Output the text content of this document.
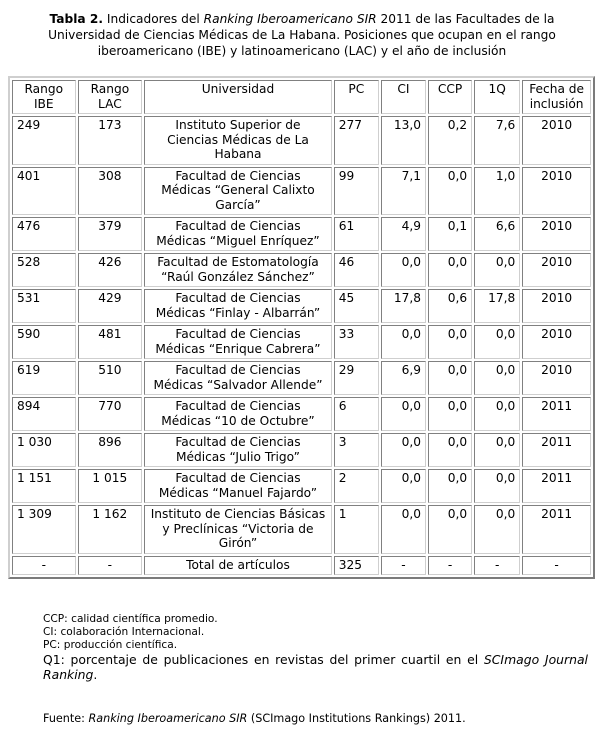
Tabla 2. Indicadores del Ranking Iberoamericano SIR 2011 de las Facultades de la Universidad de Ciencias Médicas de La Habana. Posiciones que ocupan en el rango iberoamericano (IBE) y latinoamericano (LAC) y el año de inclusión
Rango IBE	Rango LAC	Universidad	PC	CI	CCP	1Q	Fecha de inclusión
249	173	Instituto Superior de Ciencias Médicas de La Habana	277	13,0	0,2	7,6	2010
401	308	Facultad de Ciencias Médicas “General Calixto García”	99	7,1	0,0	1,0	2010
476	379	Facultad de Ciencias Médicas “Miguel Enríquez”	61	4,9	0,1	6,6	2010
528	426	Facultad de Estomatología “Raúl González Sánchez”	46	0,0	0,0	0,0	2010
531	429	Facultad de Ciencias Médicas “Finlay - Albarrán”	45	17,8	0,6	17,8	2010
590	481	Facultad de Ciencias Médicas “Enrique Cabrera”	33	0,0	0,0	0,0	2010
619	510	Facultad de Ciencias Médicas “Salvador Allende”	29	6,9	0,0	0,0	2010
894	770	Facultad de Ciencias Médicas “10 de Octubre”	6	0,0	0,0	0,0	2011
1 030	896	Facultad de Ciencias Médicas “Julio Trigo”	3	0,0	0,0	0,0	2011
1 151	1 015	Facultad de Ciencias Médicas “Manuel Fajardo”	2	0,0	0,0	0,0	2011
1 309	1 162	Instituto de Ciencias Básicas y Preclínicas “Victoria de Girón”	1	0,0	0,0	0,0	2011
-	-	Total de artículos	325	-	-	-	-
CCP: calidad científica promedio.
CI: colaboración Internacional.
PC: producción científica.
Q1: porcentaje de publicaciones en revistas del primer cuartil en el SCImago Journal Ranking.
Fuente: Ranking Iberoamericano SIR (SCImago Institutions Rankings) 2011.
